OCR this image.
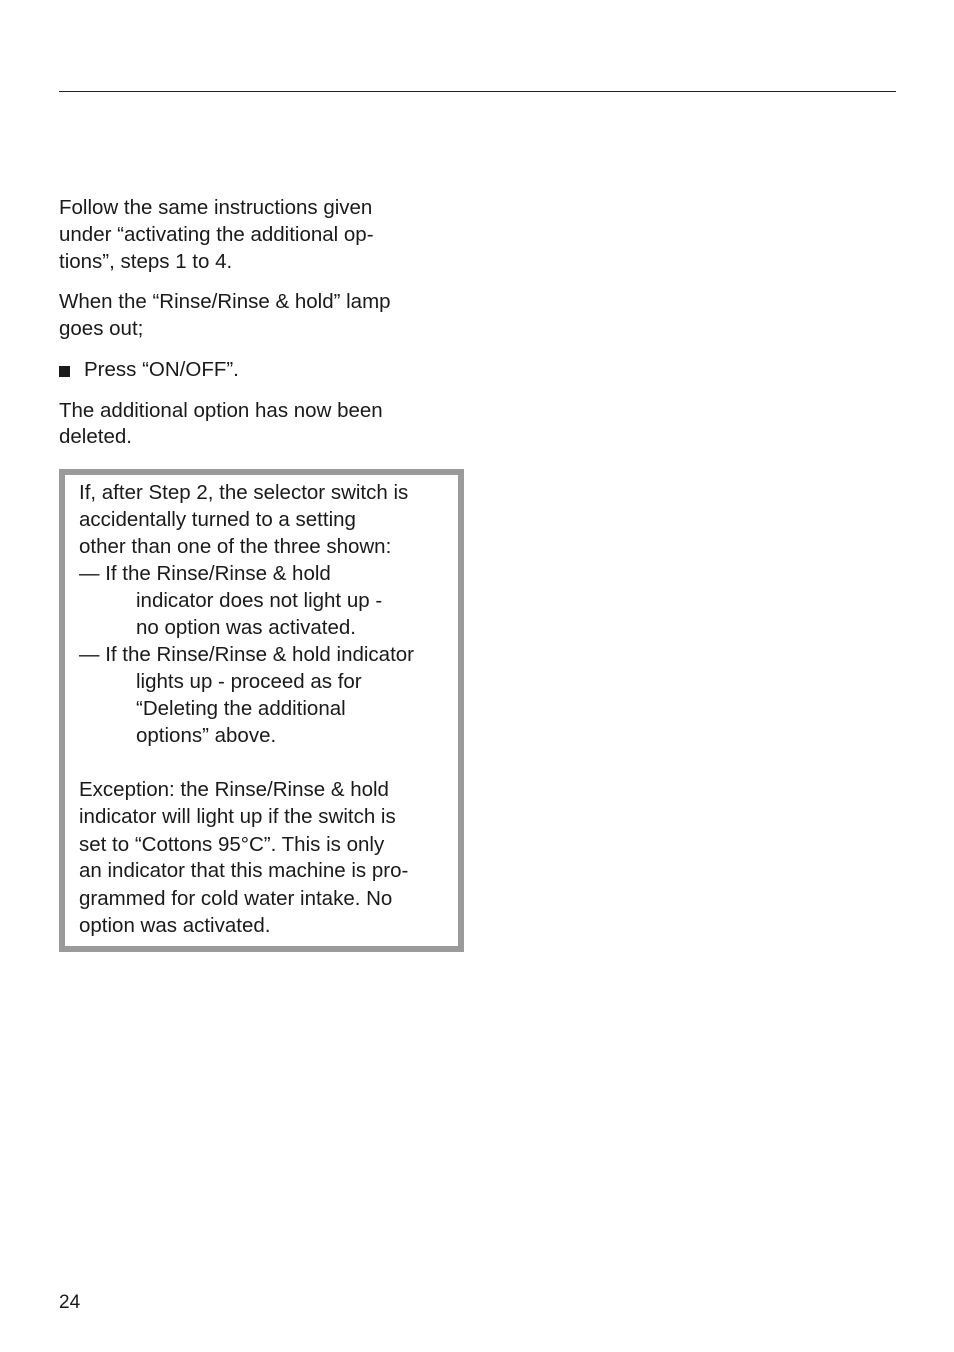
Follow the same instructions given
under “activating the additional op-
tions”, steps 1 to 4.
When the “Rinse/Rinse & hold” lamp
goes out;
Press “ON/OFF”.
The additional option has now been
deleted.
If, after Step 2, the selector switch is
accidentally turned to a setting
other than one of the three shown:
— If the Rinse/Rinse & hold
indicator does not light up -
no option was activated.
— If the Rinse/Rinse & hold indicator
lights up - proceed as for
“Deleting the additional
options” above.
Exception: the Rinse/Rinse & hold
indicator will light up if the switch is
set to “Cottons 95°C”. This is only
an indicator that this machine is pro-
grammed for cold water intake. No
option was activated.
24
